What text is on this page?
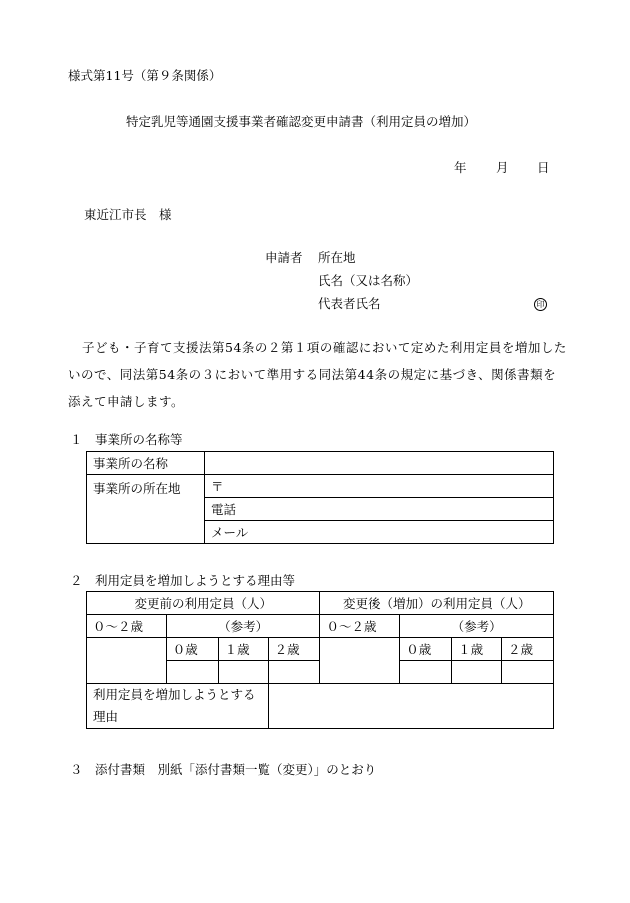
様式第11号（第９条関係）
特定乳児等通園支援事業者確認変更申請書（利用定員の増加）
年 月 日
東近江市長　様
申請者 所在地
氏名（又は名称）
代表者氏名	印
子ども・子育て支援法第54条の２第１項の確認において定めた利用定員を増加したいので、同法第54条の３において準用する同法第44条の規定に基づき、関係書類を添えて申請します。
１　事業所の名称等
事業所の名称	
事業所の所在地	〒
	電話
	メール
２　利用定員を増加しようとする理由等
変更前の利用定員（人）				変更後（増加）の利用定員（人）			
０～２歳	（参考）			０～２歳	（参考）		
	０歳	１歳	２歳		０歳	１歳	２歳

利用定員を増加しようとする理由							
３　添付書類　別紙「添付書類一覧（変更）」のとおり
